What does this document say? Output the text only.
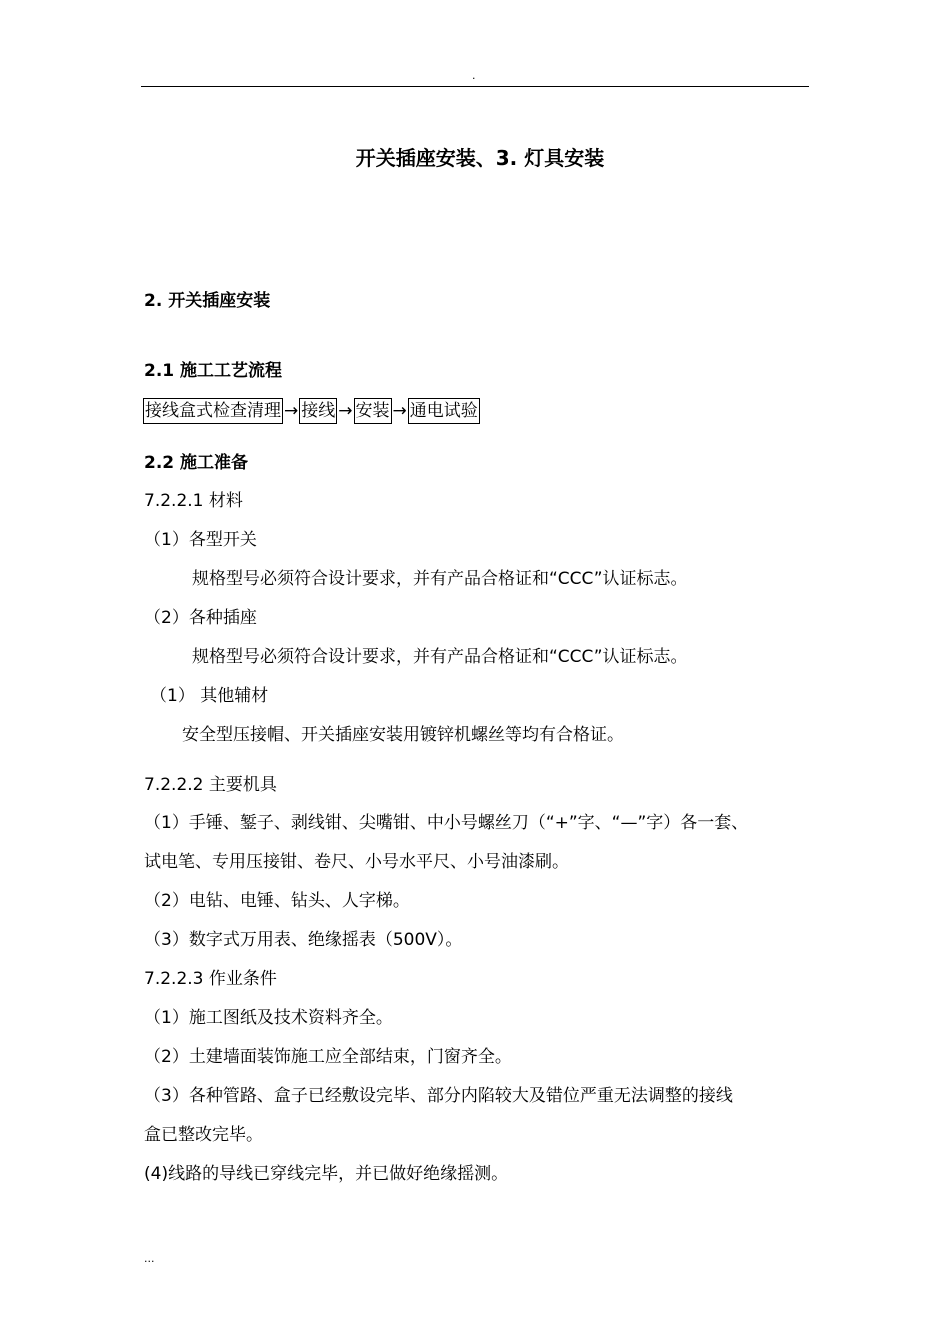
.
开关插座安装、3. 灯具安装
2. 开关插座安装
2.1 施工工艺流程
接线盒式检查清理 → 接线 → 安装 → 通电试验
2.2 施工准备
7.2.2.1 材料
（1）各型开关
规格型号必须符合设计要求，并有产品合格证和“CCC”认证标志。
（2）各种插座
规格型号必须符合设计要求，并有产品合格证和“CCC”认证标志。
（1） 其他辅材
安全型压接帽、开关插座安装用镀锌机螺丝等均有合格证。
7.2.2.2 主要机具
（1）手锤、錾子、剥线钳、尖嘴钳、中小号螺丝刀（“+”字、“—”字）各一套、
试电笔、专用压接钳、卷尺、小号水平尺、小号油漆刷。
（2）电钻、电锤、钻头、人字梯。
（3）数字式万用表、绝缘摇表（500V）。
7.2.2.3 作业条件
（1）施工图纸及技术资料齐全。
（2）土建墙面装饰施工应全部结束，门窗齐全。
（3）各种管路、盒子已经敷设完毕、部分内陷较大及错位严重无法调整的接线
盒已整改完毕。
(4)线路的导线已穿线完毕，并已做好绝缘摇测。
...
